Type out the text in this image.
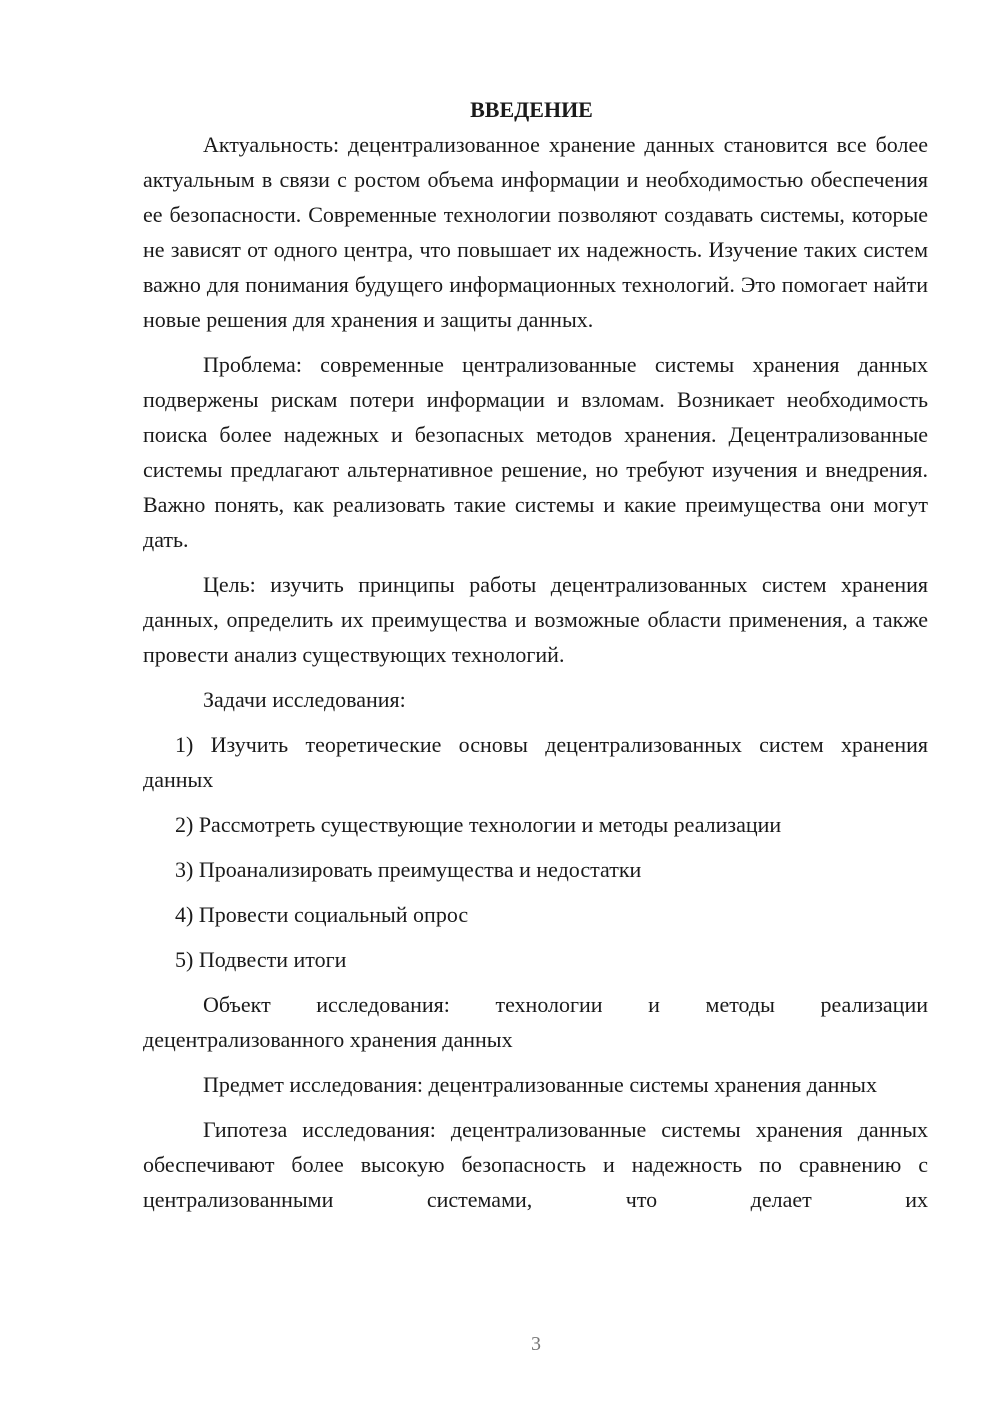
ВВЕДЕНИЕ

Актуальность: децентрализованное хранение данных становится все более актуальным в связи с ростом объема информации и необходимостью обеспечения ее безопасности. Современные технологии позволяют создавать системы, которые не зависят от одного центра, что повышает их надежность. Изучение таких систем важно для понимания будущего информационных технологий. Это помогает найти новые решения для хранения и защиты данных.

Проблема: современные централизованные системы хранения данных подвержены рискам потери информации и взломам. Возникает необходимость поиска более надежных и безопасных методов хранения. Децентрализованные системы предлагают альтернативное решение, но требуют изучения и внедрения. Важно понять, как реализовать такие системы и какие преимущества они могут дать.

Цель: изучить принципы работы децентрализованных систем хранения данных, определить их преимущества и возможные области применения, а также провести анализ существующих технологий.

Задачи исследования:

1) Изучить теоретические основы децентрализованных систем хранения данных

2) Рассмотреть существующие технологии и методы реализации

3) Проанализировать преимущества и недостатки

4) Провести социальный опрос

5) Подвести итоги

Объект исследования: технологии и методы реализации децентрализованного хранения данных

Предмет исследования: децентрализованные системы хранения данных

Гипотеза исследования: децентрализованные системы хранения данных обеспечивают более высокую безопасность и надежность по сравнению с централизованными системами, что делает их

3
